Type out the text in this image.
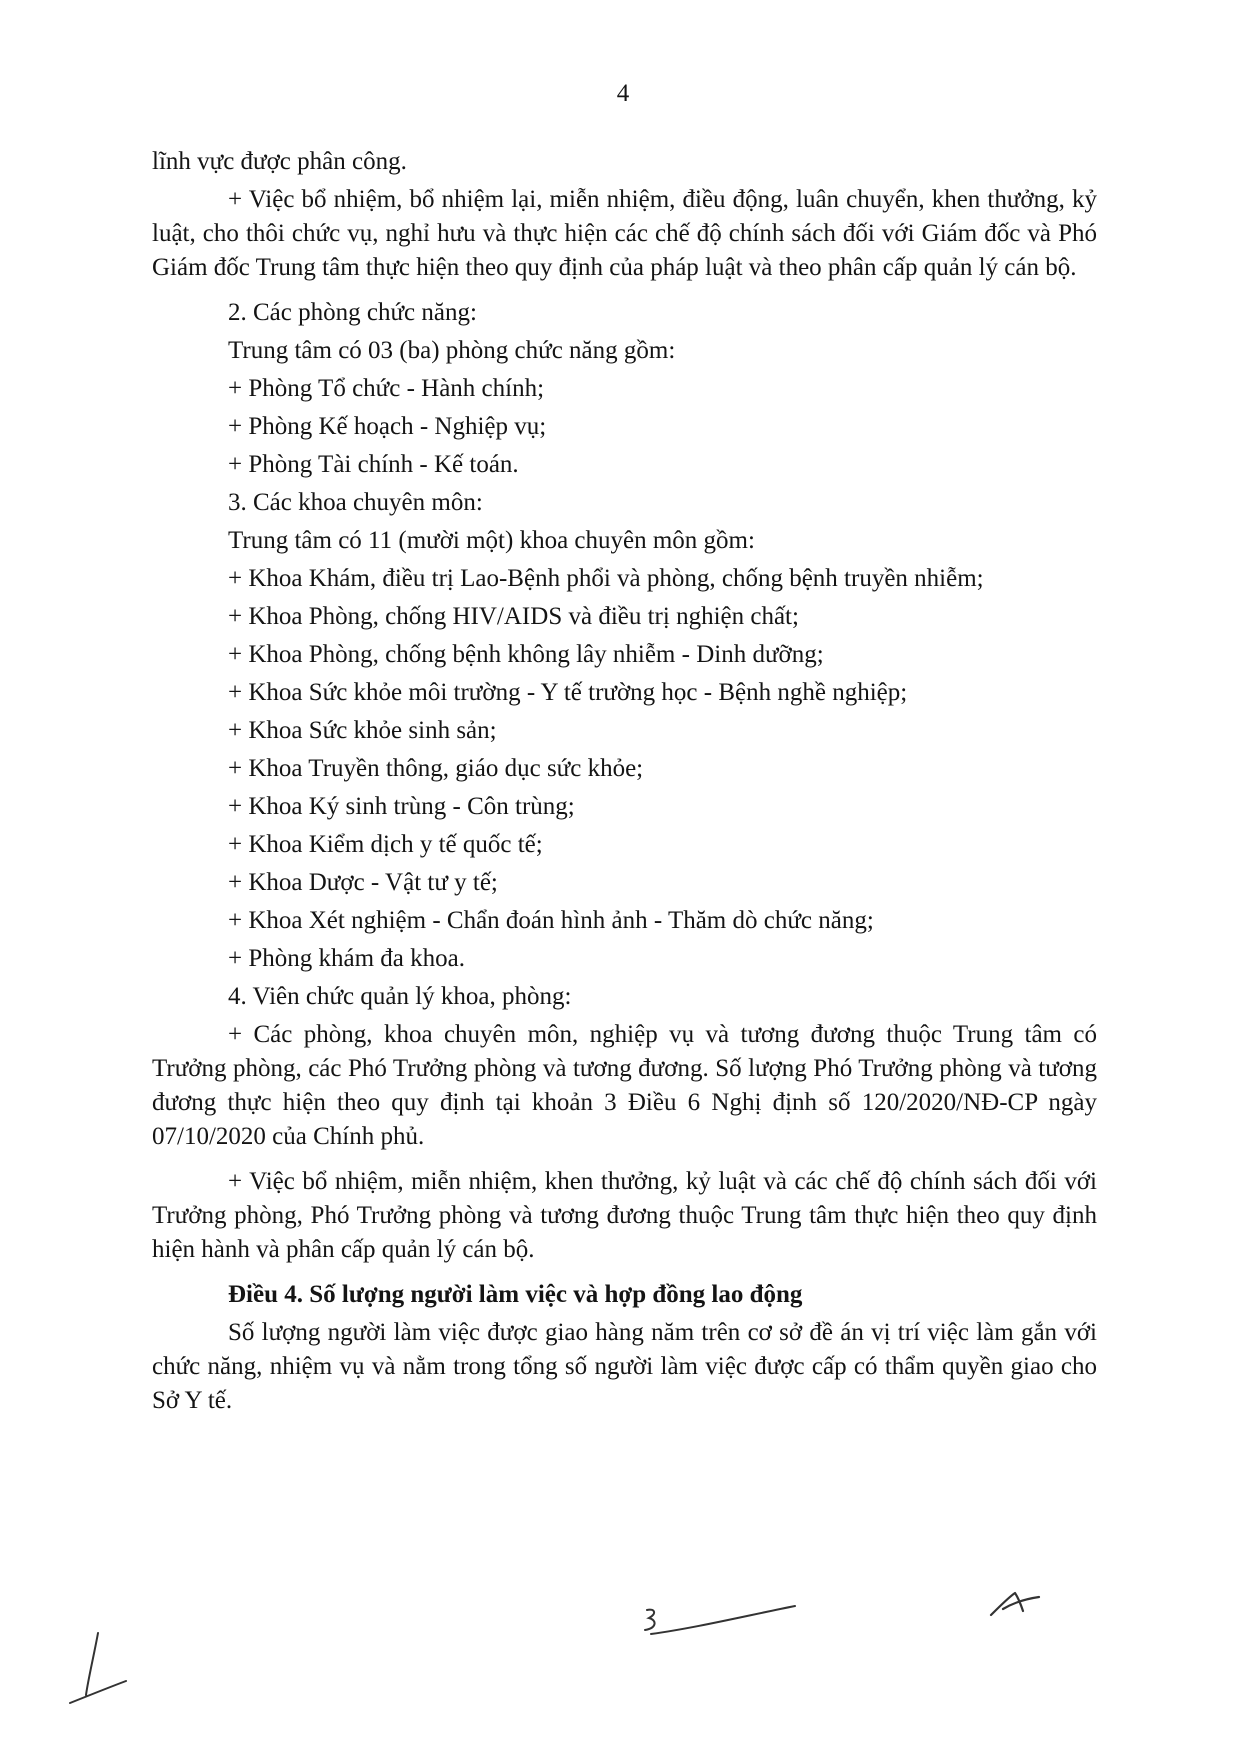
4

lĩnh vực được phân công.

+ Việc bổ nhiệm, bổ nhiệm lại, miễn nhiệm, điều động, luân chuyển, khen thưởng, kỷ luật, cho thôi chức vụ, nghỉ hưu và thực hiện các chế độ chính sách đối với Giám đốc và Phó Giám đốc Trung tâm thực hiện theo quy định của pháp luật và theo phân cấp quản lý cán bộ.

2. Các phòng chức năng:

Trung tâm có 03 (ba) phòng chức năng gồm:

+ Phòng Tổ chức - Hành chính;

+ Phòng Kế hoạch - Nghiệp vụ;

+ Phòng Tài chính - Kế toán.

3. Các khoa chuyên môn:

Trung tâm có 11 (mười một) khoa chuyên môn gồm:

+ Khoa Khám, điều trị Lao-Bệnh phổi và phòng, chống bệnh truyền nhiễm;

+ Khoa Phòng, chống HIV/AIDS và điều trị nghiện chất;

+ Khoa Phòng, chống bệnh không lây nhiễm - Dinh dưỡng;

+ Khoa Sức khỏe môi trường - Y tế trường học - Bệnh nghề nghiệp;

+ Khoa Sức khỏe sinh sản;

+ Khoa Truyền thông, giáo dục sức khỏe;

+ Khoa Ký sinh trùng - Côn trùng;

+ Khoa Kiểm dịch y tế quốc tế;

+ Khoa Dược - Vật tư y tế;

+ Khoa Xét nghiệm - Chẩn đoán hình ảnh - Thăm dò chức năng;

+ Phòng khám đa khoa.

4. Viên chức quản lý khoa, phòng:

+ Các phòng, khoa chuyên môn, nghiệp vụ và tương đương thuộc Trung tâm có Trưởng phòng, các Phó Trưởng phòng và tương đương. Số lượng Phó Trưởng phòng và tương đương thực hiện theo quy định tại khoản 3 Điều 6 Nghị định số 120/2020/NĐ-CP ngày 07/10/2020 của Chính phủ.

+ Việc bổ nhiệm, miễn nhiệm, khen thưởng, kỷ luật và các chế độ chính sách đối với Trưởng phòng, Phó Trưởng phòng và tương đương thuộc Trung tâm thực hiện theo quy định hiện hành và phân cấp quản lý cán bộ.

Điều 4. Số lượng người làm việc và hợp đồng lao động

Số lượng người làm việc được giao hàng năm trên cơ sở đề án vị trí việc làm gắn với chức năng, nhiệm vụ và nằm trong tổng số người làm việc được cấp có thẩm quyền giao cho Sở Y tế.
